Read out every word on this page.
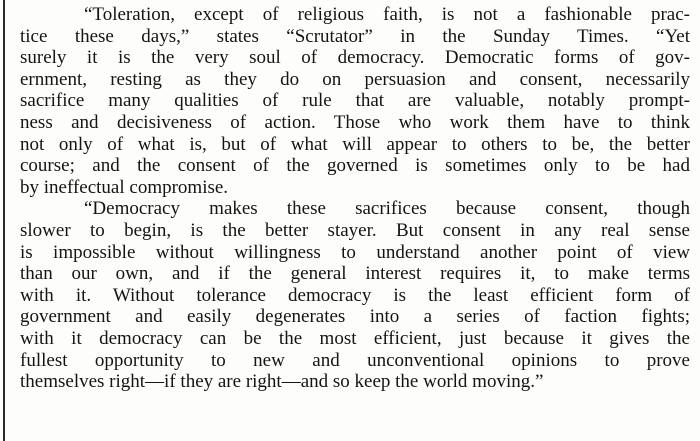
“Toleration, except of religious faith, is not a fashionable prac-
tice these days,” states “Scrutator” in the Sunday Times. “Yet
surely it is the very soul of democracy. Democratic forms of gov-
ernment, resting as they do on persuasion and consent, necessarily
sacrifice many qualities of rule that are valuable, notably prompt-
ness and decisiveness of action. Those who work them have to think
not only of what is, but of what will appear to others to be, the better
course; and the consent of the governed is sometimes only to be had
by ineffectual compromise.
“Democracy makes these sacrifices because consent, though
slower to begin, is the better stayer. But consent in any real sense
is impossible without willingness to understand another point of view
than our own, and if the general interest requires it, to make terms
with it. Without tolerance democracy is the least efficient form of
government and easily degenerates into a series of faction fights;
with it democracy can be the most efficient, just because it gives the
fullest opportunity to new and unconventional opinions to prove
themselves right—if they are right—and so keep the world moving.”
